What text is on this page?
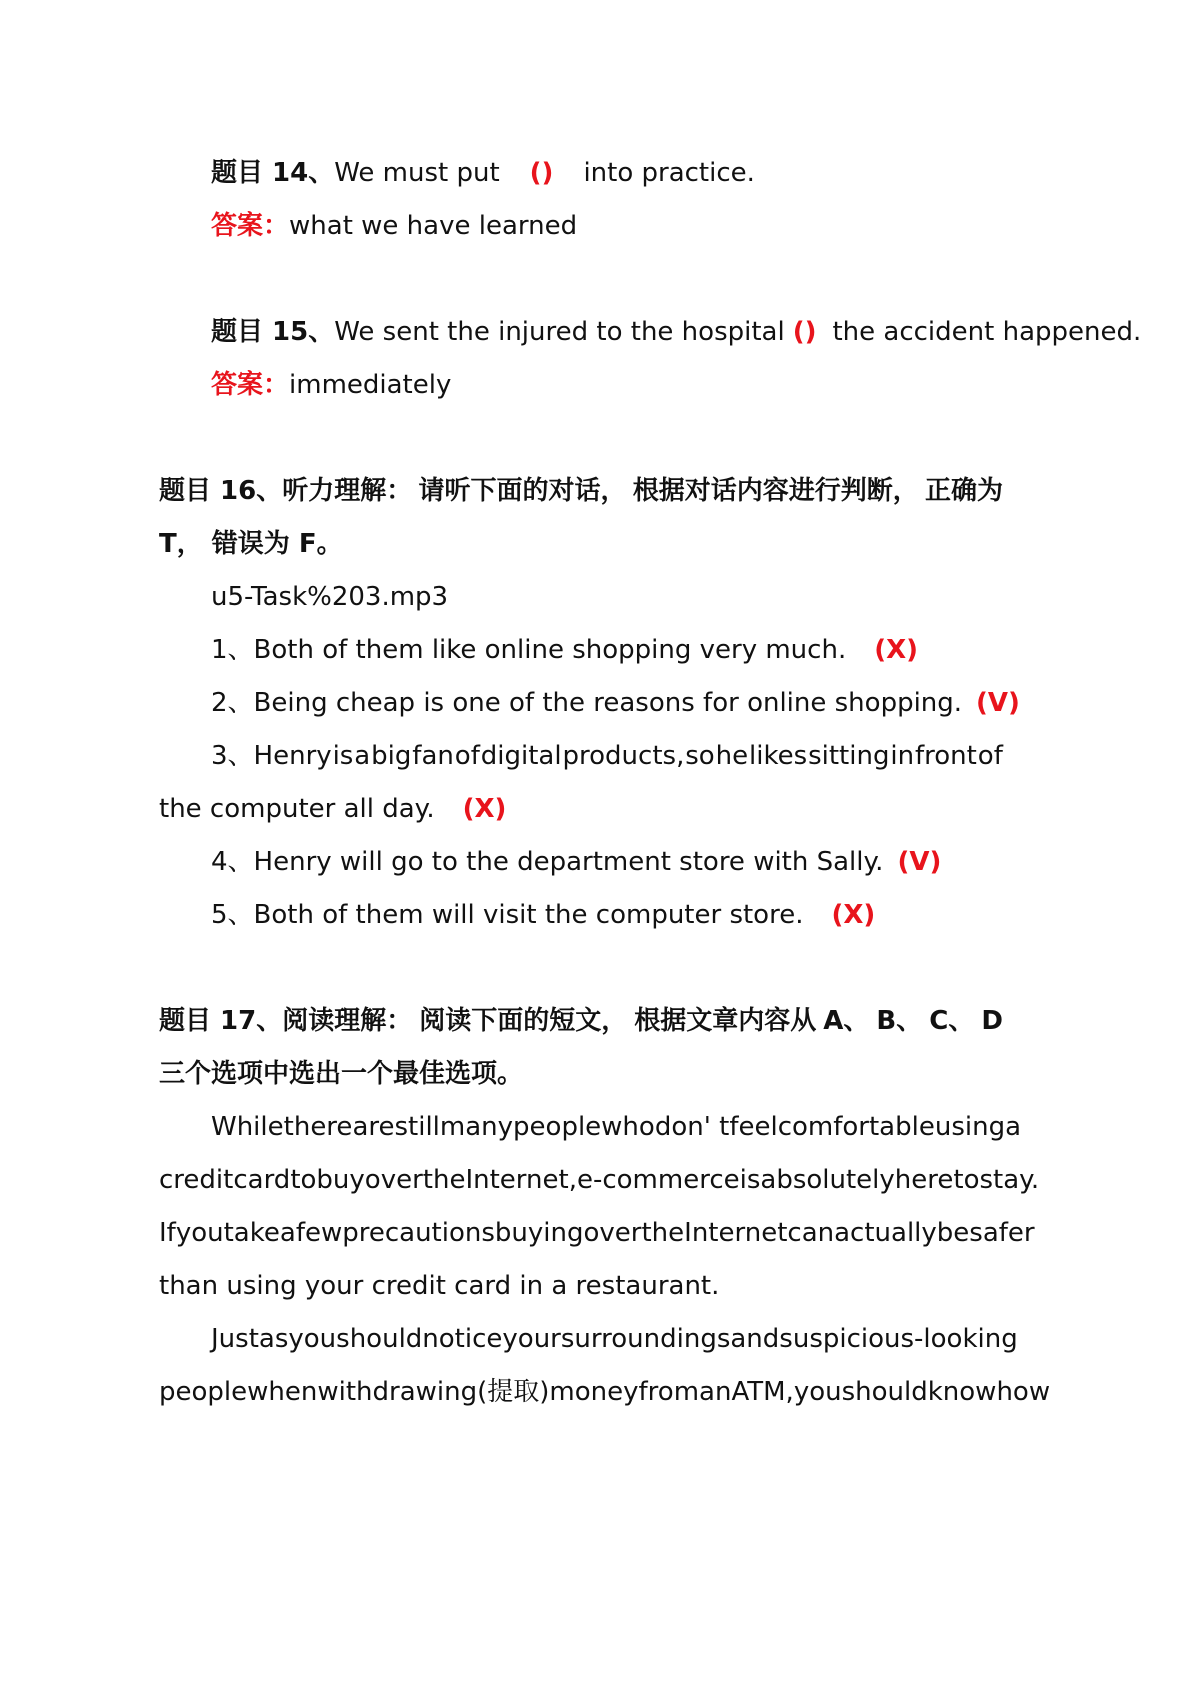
题目 14、We must put () into practice.
答案：what we have learned
题目 15、We sent the injured to the hospital () the accident happened.
答案：immediately
题目 16、听力理解： 请听下面的对话， 根据对话内容进行判断， 正确为
T， 错误为 F。
u5-Task%203.mp3
1、Both of them like online shopping very much. (X)
2、Being cheap is one of the reasons for online shopping. (V)
3、Henry is a big fan of digital products, so he likes sitting in front of
the computer all day. (X)
4、Henry will go to the department store with Sally. (V)
5、Both of them will visit the computer store. (X)
题目 17、阅读理解： 阅读下面的短文， 根据文章内容从 A、 B、 C、 D
三个选项中选出一个最佳选项。
While there are still many people who don' t feel comfortable using a
credit card to buy over the Internet, e-commerce is absolutely here to stay.
If you take a few precautions buying over the Internet can actually be safer
than using your credit card in a restaurant.
Just as you should notice your surroundings and suspicious-looking
people when withdrawing(提取) money from an ATM, you should know how
